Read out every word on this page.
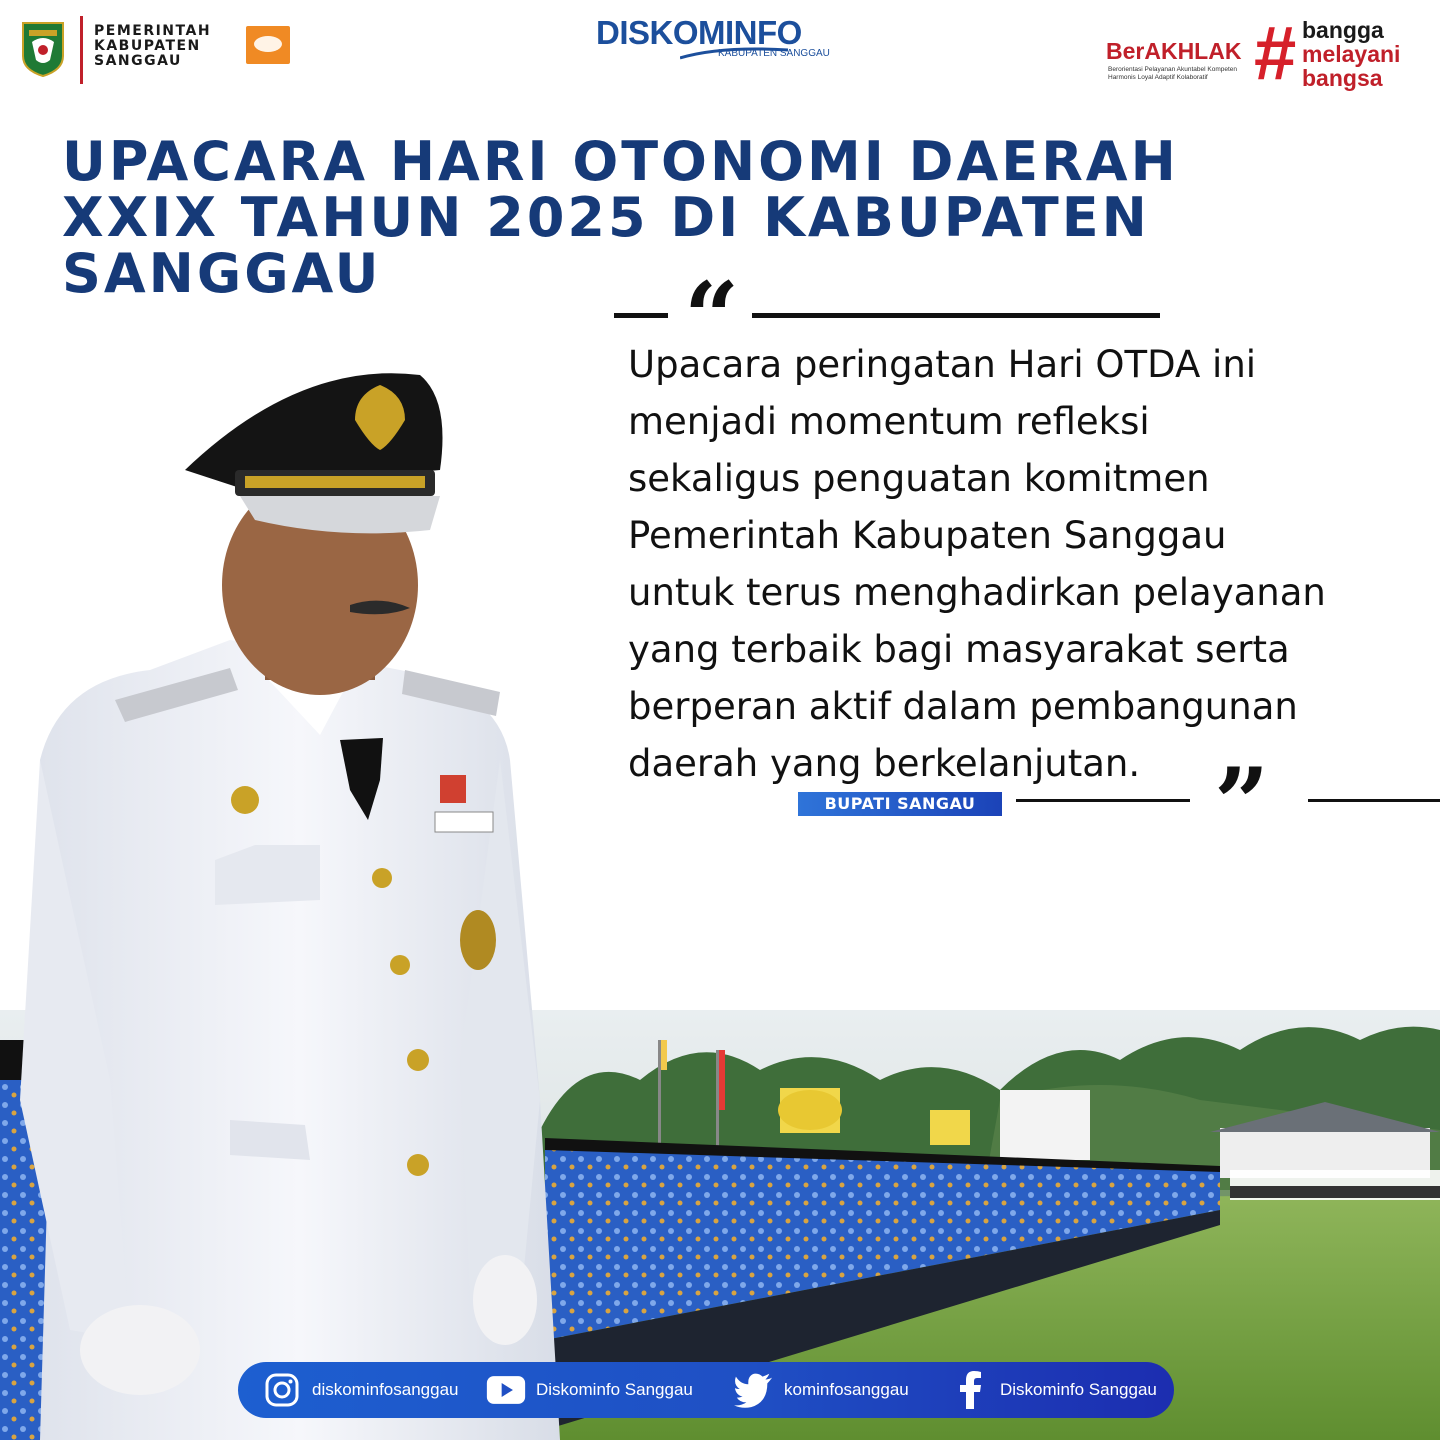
PEMERINTAH
KABUPATEN
SANGGAU
DISKOMINFO
KABUPATEN SANGGAU	BerAKHLAK
Berorientasi Pelayanan Akuntabel Kompeten Harmonis Loyal Adaptif Kolaboratif # bangga
melayani
bangsa
UPACARA HARI OTONOMI DAERAH
XXIX TAHUN 2025 DI KABUPATEN
SANGGAU	“
Upacara peringatan Hari OTDA ini
menjadi momentum refleksi
sekaligus penguatan komitmen
Pemerintah Kabupaten Sanggau
untuk terus menghadirkan pelayanan
yang terbaik bagi masyarakat serta
berperan aktif dalam pembangunan
daerah yang berkelanjutan.
BUPATI SANGAU ”
diskominfosanggau	Diskominfo Sanggau	kominfosanggau	Diskominfo Sanggau
